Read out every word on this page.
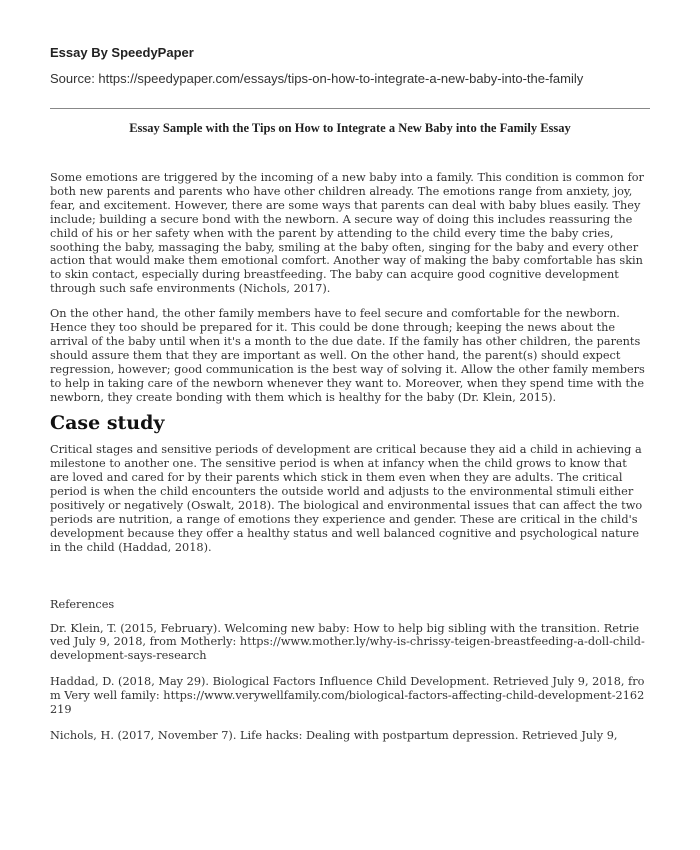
Essay By SpeedyPaper
Source: https://speedypaper.com/essays/tips-on-how-to-integrate-a-new-baby-into-the-family
Essay Sample with the Tips on How to Integrate a New Baby into the Family Essay

Some emotions are triggered by the incoming of a new baby into a family. This condition is common for both new parents and parents who have other children already. The emotions range from anxiety, joy, fear, and excitement. However, there are some ways that parents can deal with baby blues easily. They include; building a secure bond with the newborn. A secure way of doing this includes reassuring the child of his or her safety when with the parent by attending to the child every time the baby cries, soothing the baby, massaging the baby, smiling at the baby often, singing for the baby and every other action that would make them emotional comfort. Another way of making the baby comfortable has skin to skin contact, especially during breastfeeding. The baby can acquire good cognitive development through such safe environments (Nichols, 2017).

On the other hand, the other family members have to feel secure and comfortable for the newborn. Hence they too should be prepared for it. This could be done through; keeping the news about the arrival of the baby until when it's a month to the due date. If the family has other children, the parents should assure them that they are important as well. On the other hand, the parent(s) should expect regression, however; good communication is the best way of solving it. Allow the other family members to help in taking care of the newborn whenever they want to. Moreover, when they spend time with the newborn, they create bonding with them which is healthy for the baby (Dr. Klein, 2015).

Case study

Critical stages and sensitive periods of development are critical because they aid a child in achieving a milestone to another one. The sensitive period is when at infancy when the child grows to know that are loved and cared for by their parents which stick in them even when they are adults. The critical period is when the child encounters the outside world and adjusts to the environmental stimuli either positively or negatively (Oswalt, 2018). The biological and environmental issues that can affect the two periods are nutrition, a range of emotions they experience and gender. These are critical in the child's development because they offer a healthy status and well balanced cognitive and psychological nature in the child (Haddad, 2018).

References

Dr. Klein, T. (2015, February). Welcoming new baby: How to help big sibling with the transition. Retrieved July 9, 2018, from Motherly: https://www.mother.ly/why-is-chrissy-teigen-breastfeeding-a-doll-child-development-says-research

Haddad, D. (2018, May 29). Biological Factors Influence Child Development. Retrieved July 9, 2018, from Very well family: https://www.verywellfamily.com/biological-factors-affecting-child-development-2162219

Nichols, H. (2017, November 7). Life hacks: Dealing with postpartum depression. Retrieved July 9,
